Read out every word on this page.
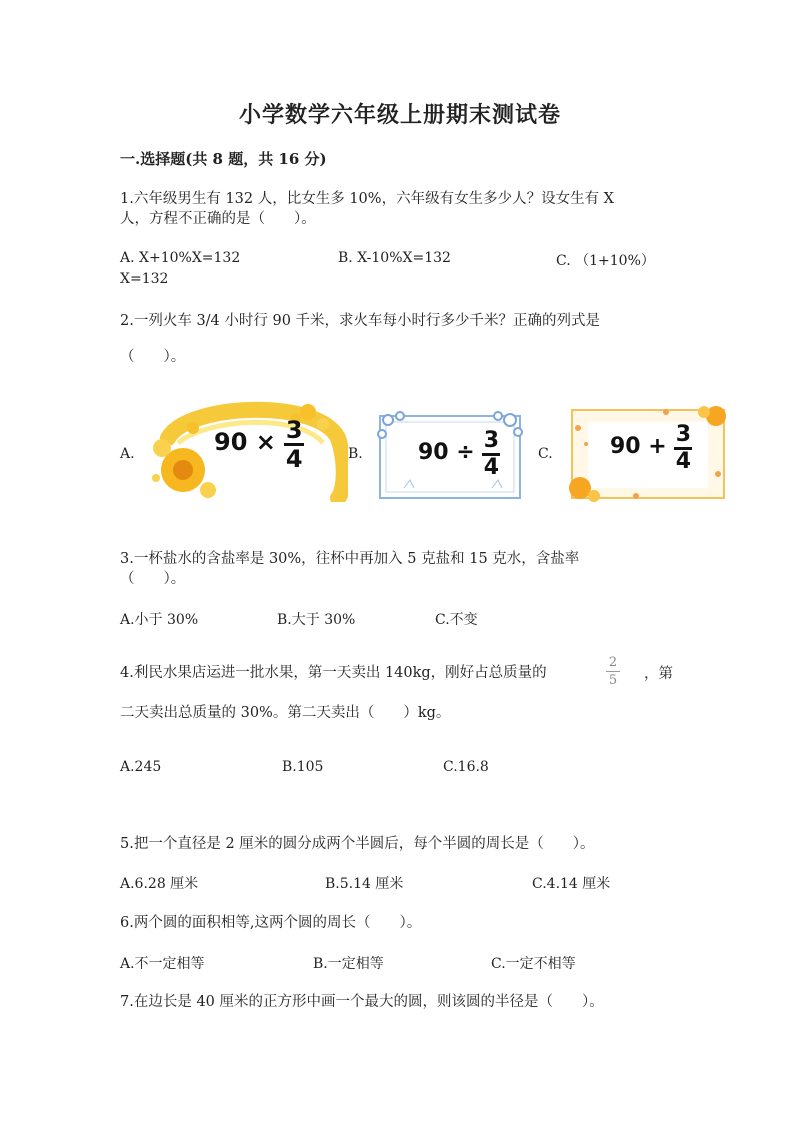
小学数学六年级上册期末测试卷
一.选择题(共 8 题，共 16 分)
1.六年级男生有 132 人，比女生多 10%，六年级有女生多少人？设女生有 X
人，方程不正确的是（　　）。
A. X+10%X=132	B. X-10%X=132	C. （1+10%）
X=132
2.一列火车 3/4 小时行 90 千米，求火车每小时行多少千米？正确的列式是
（　　）。
A.	B.	C.
$90 \times \frac{3}{4}$	$90 \div \frac{3}{4}$	$90 + \frac{3}{4}$
3.一杯盐水的含盐率是 30%，往杯中再加入 5 克盐和 15 克水，含盐率
（　　）。
A.小于 30%	B.大于 30%	C.不变
4.利民水果店运进一批水果，第一天卖出 140kg，刚好占总质量的
2
5 ，第
二天卖出总质量的 30%。第二天卖出（　　）kg。
A.245	B.105	C.16.8
5.把一个直径是 2 厘米的圆分成两个半圆后，每个半圆的周长是（　　）。
A.6.28 厘米	B.5.14 厘米	C.4.14 厘米
6.两个圆的面积相等,这两个圆的周长（　　）。
A.不一定相等	B.一定相等	C.一定不相等
7.在边长是 40 厘米的正方形中画一个最大的圆，则该圆的半径是（　　）。
